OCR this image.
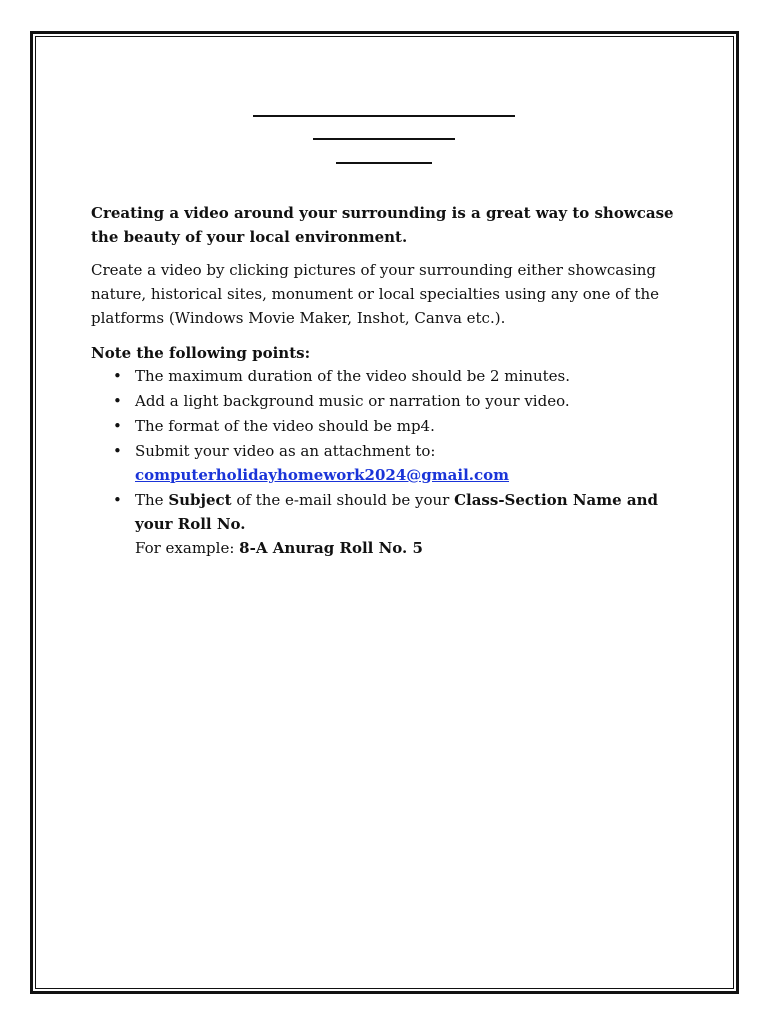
Creating a video around your surrounding is a great way to showcase the beauty of your local environment.

Create a video by clicking pictures of your surrounding either showcasing nature, historical sites, monument or local specialties using any one of the platforms (Windows Movie Maker, Inshot, Canva etc.).

Note the following points:

• The maximum duration of the video should be 2 minutes.
• Add a light background music or narration to your video.
• The format of the video should be mp4.
• Submit your video as an attachment to:
computerholidayhomework2024@gmail.com
• The Subject of the e-mail should be your Class-Section Name and your Roll No.
For example: 8-A Anurag Roll No. 5
